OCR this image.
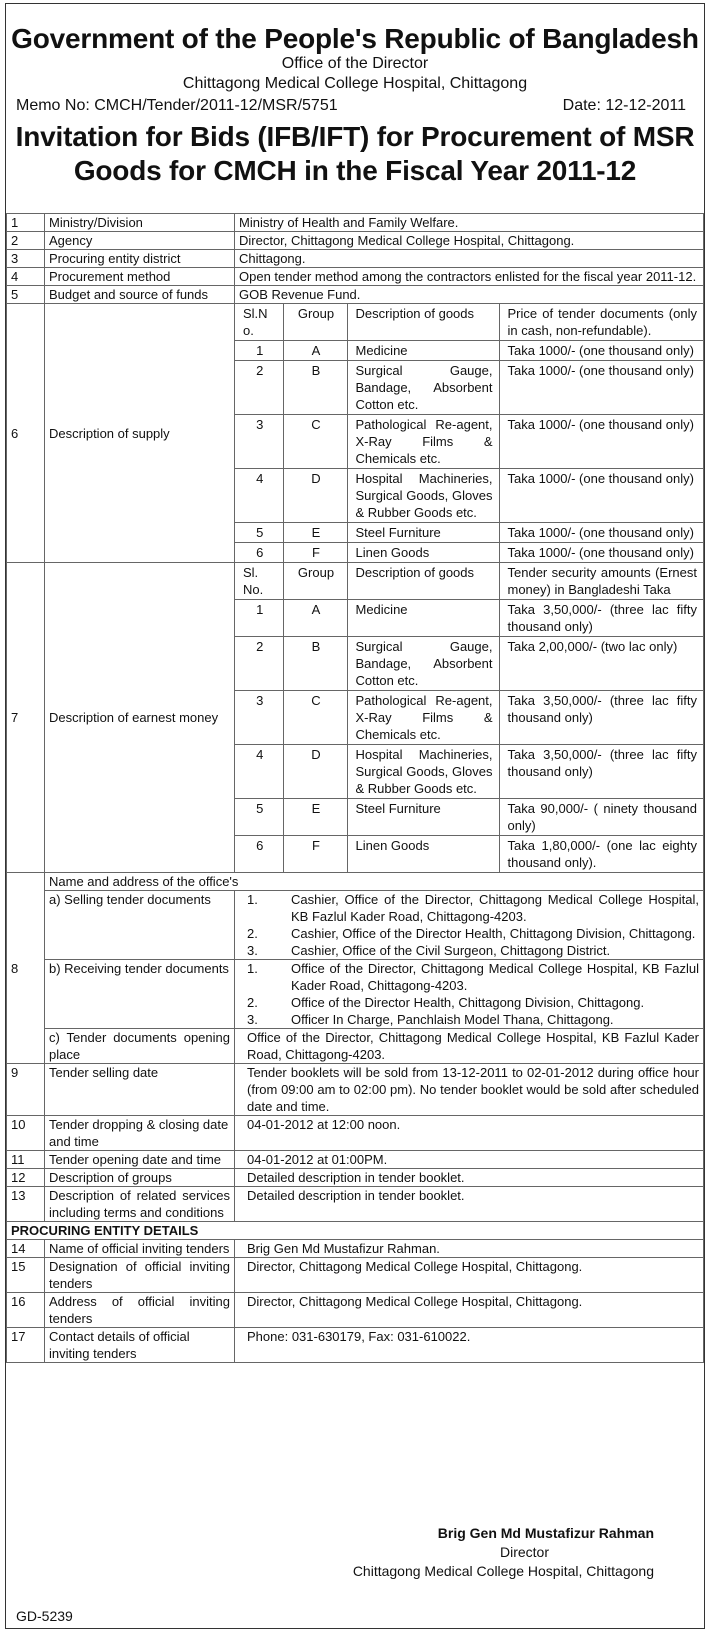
Government of the People's Republic of Bangladesh
Office of the Director
Chittagong Medical College Hospital, Chittagong
Memo No: CMCH/Tender/2011-12/MSR/5751	Date: 12-12-2011
Invitation for Bids (IFB/IFT) for Procurement of MSR
Goods for CMCH in the Fiscal Year 2011-12
1	Ministry/Division	Ministry of Health and Family Welfare.
2	Agency	Director, Chittagong Medical College Hospital, Chittagong.
3	Procuring entity district	Chittagong.
4	Procurement method	Open tender method among the contractors enlisted for the fiscal year 2011-12.
5	Budget and source of funds	GOB Revenue Fund.
6	Description of supply	
Sl.N o.	Group	Description of goods	Price of tender documents (only in cash, non-refundable).
1	A	Medicine	Taka 1000/- (one thousand only)
2	B	Surgical Gauge, Bandage, Absorbent Cotton etc.	Taka 1000/- (one thousand only)
3	C	Pathological Re-agent, X-Ray Films & Chemicals etc.	Taka 1000/- (one thousand only)
4	D	Hospital Machineries, Surgical Goods, Gloves & Rubber Goods etc.	Taka 1000/- (one thousand only)
5	E	Steel Furniture	Taka 1000/- (one thousand only)
6	F	Linen Goods	Taka 1000/- (one thousand only)

7	Description of earnest money	
Sl. No.	Group	Description of goods	Tender security amounts (Ernest money) in Bangladeshi Taka
1	A	Medicine	Taka 3,50,000/- (three lac fifty thousand only)
2	B	Surgical Gauge, Bandage, Absorbent Cotton etc.	Taka 2,00,000/- (two lac only)
3	C	Pathological Re-agent, X-Ray Films & Chemicals etc.	Taka 3,50,000/- (three lac fifty thousand only)
4	D	Hospital Machineries, Surgical Goods, Gloves & Rubber Goods etc.	Taka 3,50,000/- (three lac fifty thousand only)
5	E	Steel Furniture	Taka 90,000/- ( ninety thousand only)
6	F	Linen Goods	Taka 1,80,000/- (one lac eighty thousand only).

8	Name and address of the office's
a) Selling tender documents	1.	Cashier, Office of the Director, Chittagong Medical College Hospital, KB Fazlul Kader Road, Chittagong-4203.
2.	Cashier, Office of the Director Health, Chittagong Division, Chittagong.
3.	Cashier, Office of the Civil Surgeon, Chittagong District.

b) Receiving tender documents	1.	Office of the Director, Chittagong Medical College Hospital, KB Fazlul Kader Road, Chittagong-4203.
2.	Office of the Director Health, Chittagong Division, Chittagong.
3.	Officer In Charge, Panchlaish Model Thana, Chittagong.

c) Tender documents opening place	Office of the Director, Chittagong Medical College Hospital, KB Fazlul Kader Road, Chittagong-4203.
9	Tender selling date	Tender booklets will be sold from 13-12-2011 to 02-01-2012 during office hour (from 09:00 am to 02:00 pm). No tender booklet would be sold after scheduled date and time.
10	Tender dropping & closing date and time	04-01-2012 at 12:00 noon.
11	Tender opening date and time	04-01-2012 at 01:00PM.
12	Description of groups	Detailed description in tender booklet.
13	Description of related services including terms and conditions	Detailed description in tender booklet.
PROCURING ENTITY DETAILS
14	Name of official inviting tenders	Brig Gen Md Mustafizur Rahman.
15	Designation of official inviting tenders	Director, Chittagong Medical College Hospital, Chittagong.
16	Address of official inviting tenders	Director, Chittagong Medical College Hospital, Chittagong.
17	Contact details of official inviting tenders	Phone: 031-630179, Fax: 031-610022.
Brig Gen Md Mustafizur Rahman
Director
Chittagong Medical College Hospital, Chittagong
GD-5239
